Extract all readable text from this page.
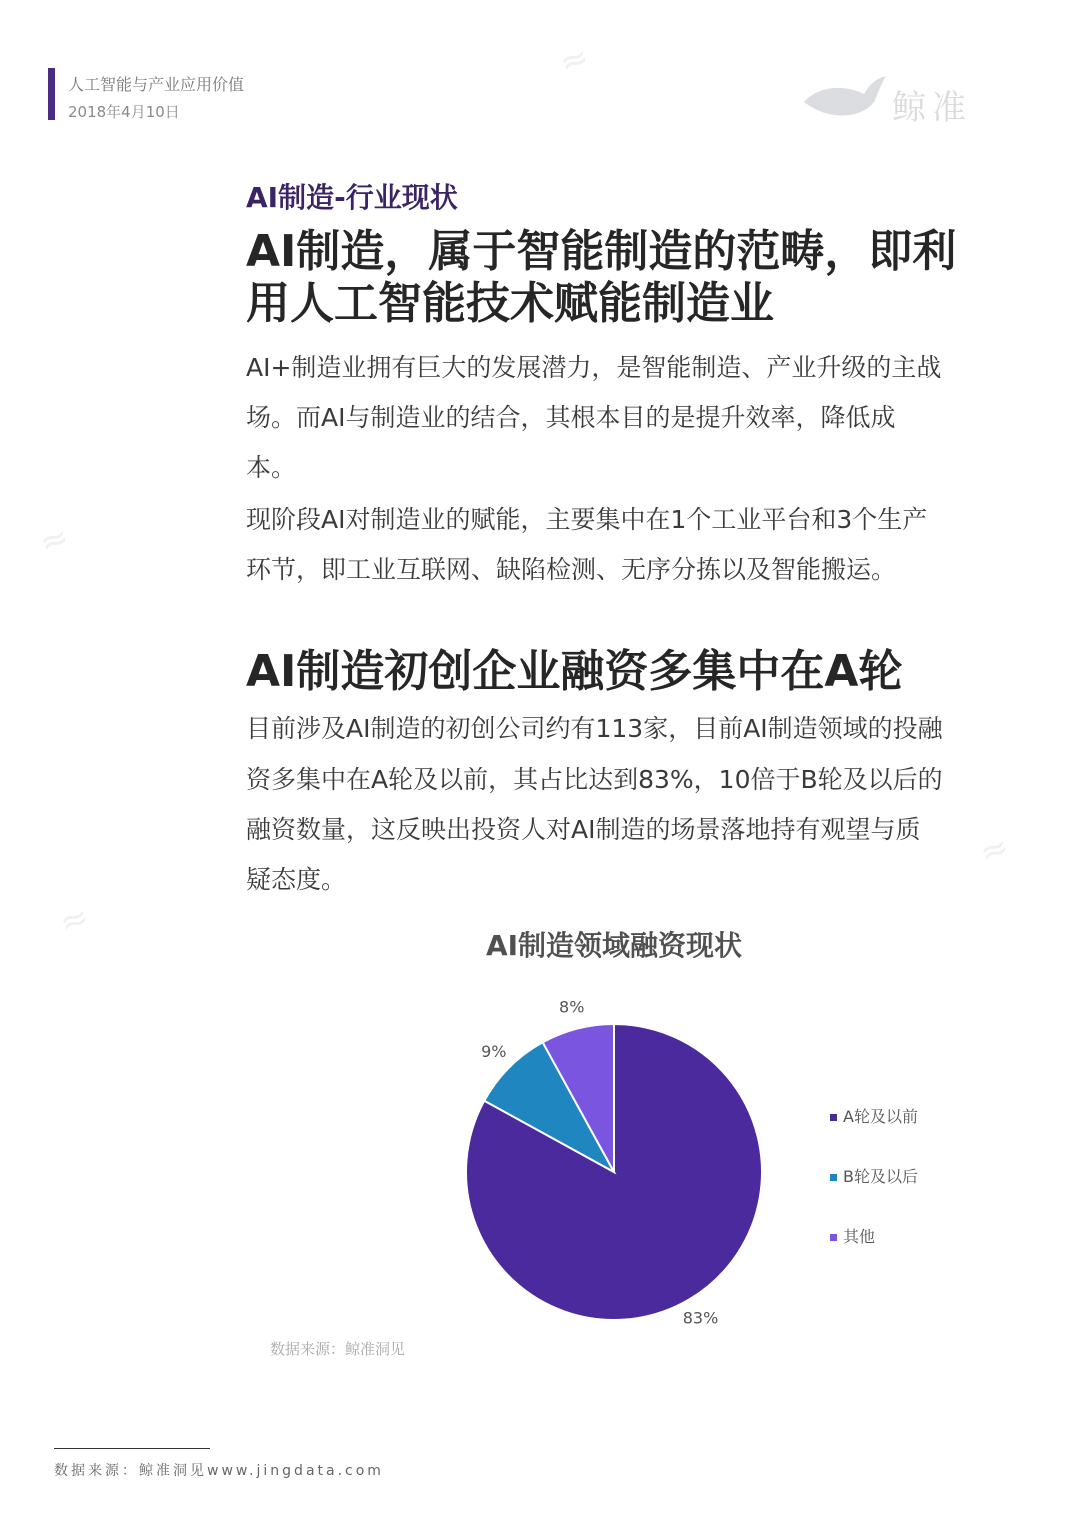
≈
≈
≈
≈
人工智能与产业应用价值
2018年4月10日	鲸准
AI制造-行业现状
AI制造，属于智能制造的范畴，即利
用人工智能技术赋能制造业
AI+制造业拥有巨大的发展潜力，是智能制造、产业升级的主战
场。而AI与制造业的结合，其根本目的是提升效率，降低成
本。
现阶段AI对制造业的赋能，主要集中在1个工业平台和3个生产
环节，即工业互联网、缺陷检测、无序分拣以及智能搬运。
AI制造初创企业融资多集中在A轮
目前涉及AI制造的初创公司约有113家，目前AI制造领域的投融
资多集中在A轮及以前，其占比达到83%，10倍于B轮及以后的
融资数量，这反映出投资人对AI制造的场景落地持有观望与质
疑态度。
AI制造领域融资现状
83%
9%
8%
A轮及以前
B轮及以后
其他
数据来源：鲸准洞见
数据来源：鲸准洞见www.jingdata.com
